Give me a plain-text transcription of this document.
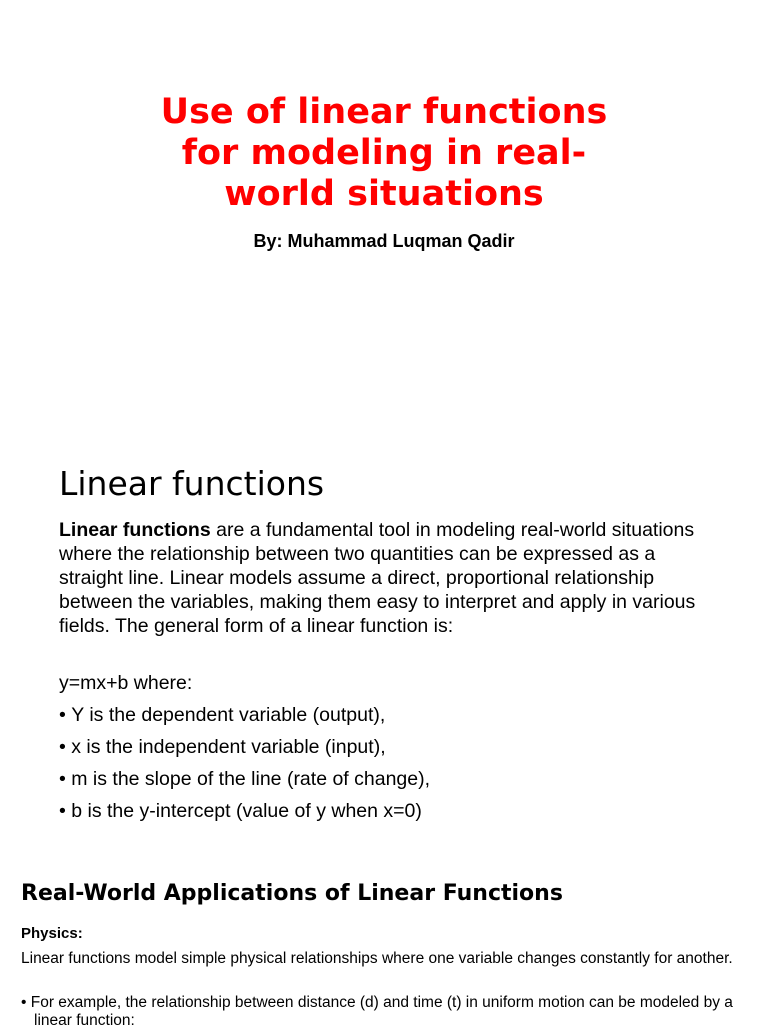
Use of linear functions
for modeling in real-
world situations

By: Muhammad Luqman Qadir

Linear functions

Linear functions are a fundamental tool in modeling real-world situations where the relationship between two quantities can be expressed as a straight line. Linear models assume a direct, proportional relationship between the variables, making them easy to interpret and apply in various fields. The general form of a linear function is:

y=mx+b where:

• Y is the dependent variable (output),
• x is the independent variable (input),
• m is the slope of the line (rate of change),
• b is the y-intercept (value of y when x=0)
Real-World Applications of Linear Functions

Physics:

Linear functions model simple physical relationships where one variable changes constantly for another.

• For example, the relationship between distance (d) and time (t) in uniform motion can be modeled by a linear function:
